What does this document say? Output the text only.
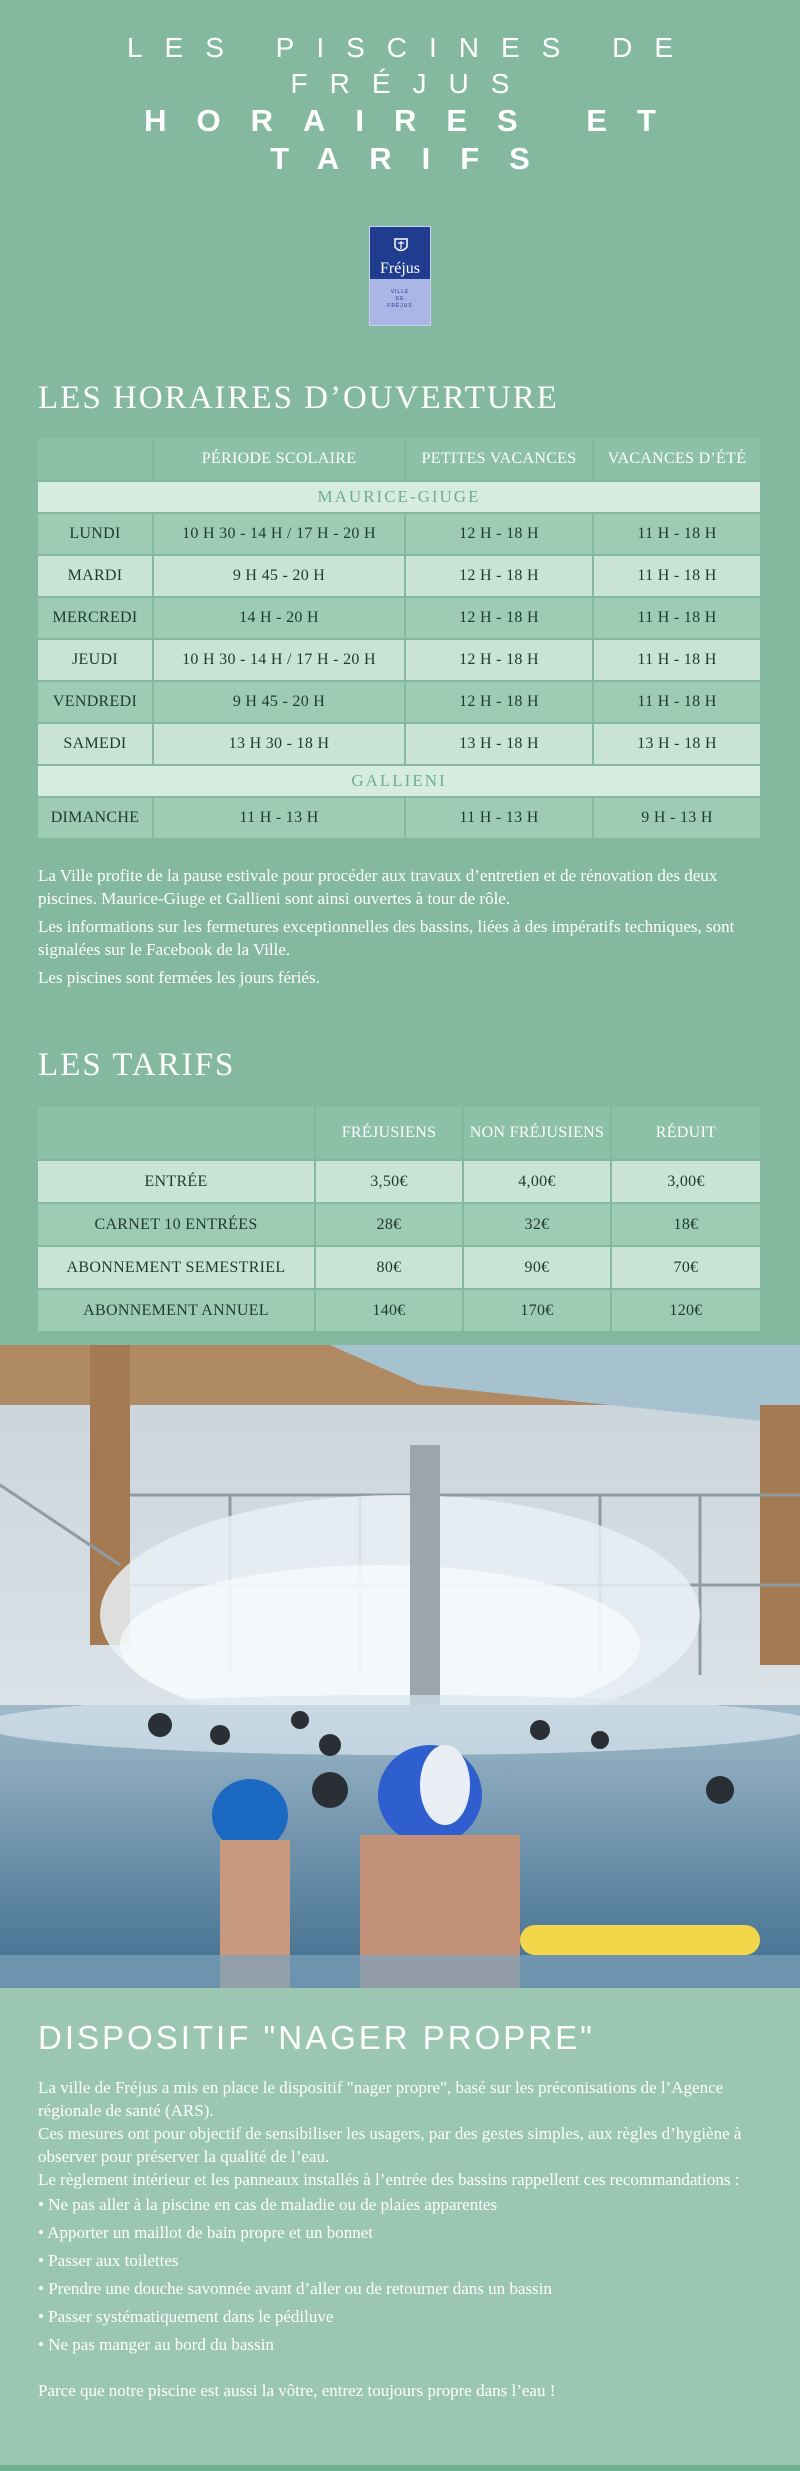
LES PISCINES DE FRÉJUS
HORAIRES ET TARIFS
Fréjus
VILLE
DE
FRÉJUS
LES HORAIRES D’OUVERTURE
	PÉRIODE SCOLAIRE	PETITES VACANCES	VACANCES D’ÉTÉ
MAURICE-GIUGE			
LUNDI	10 H 30 - 14 H / 17 H - 20 H	12 H - 18 H	11 H - 18 H
MARDI	9 H 45 - 20 H	12 H - 18 H	11 H - 18 H
MERCREDI	14 H - 20 H	12 H - 18 H	11 H - 18 H
JEUDI	10 H 30 - 14 H / 17 H - 20 H	12 H - 18 H	11 H - 18 H
VENDREDI	9 H 45 - 20 H	12 H - 18 H	11 H - 18 H
SAMEDI	13 H 30 - 18 H	13 H - 18 H	13 H - 18 H
GALLIENI			
DIMANCHE	11 H - 13 H	11 H - 13 H	9 H - 13 H

La Ville profite de la pause estivale pour procéder aux travaux d’entretien et de rénovation des deux piscines. Maurice-Giuge et Gallieni sont ainsi ouvertes à tour de rôle.

Les informations sur les fermetures exceptionnelles des bassins, liées à des impératifs techniques, sont signalées sur le Facebook de la Ville.

Les piscines sont fermées les jours fériés.

LES TARIFS
	FRÉJUSIENS	NON FRÉJUSIENS	RÉDUIT
ENTRÉE	3,50€	4,00€	3,00€
CARNET 10 ENTRÉES	28€	32€	18€
ABONNEMENT SEMESTRIEL	80€	90€	70€
ABONNEMENT ANNUEL	140€	170€	120€

DISPOSITIF "NAGER PROPRE"

La ville de Fréjus a mis en place le dispositif "nager propre", basé sur les préconisations de l’Agence régionale de santé (ARS).

Ces mesures ont pour objectif de sensibiliser les usagers, par des gestes simples, aux règles d’hygiène à observer pour préserver la qualité de l’eau.

Le règlement intérieur et les panneaux installés à l’entrée des bassins rappellent ces recommandations :

• Ne pas aller à la piscine en cas de maladie ou de plaies apparentes
• Apporter un maillot de bain propre et un bonnet
• Passer aux toilettes
• Prendre une douche savonnée avant d’aller ou de retourner dans un bassin
• Passer systématiquement dans le pédiluve
• Ne pas manger au bord du bassin

Parce que notre piscine est aussi la vôtre, entrez toujours propre dans l’eau !
